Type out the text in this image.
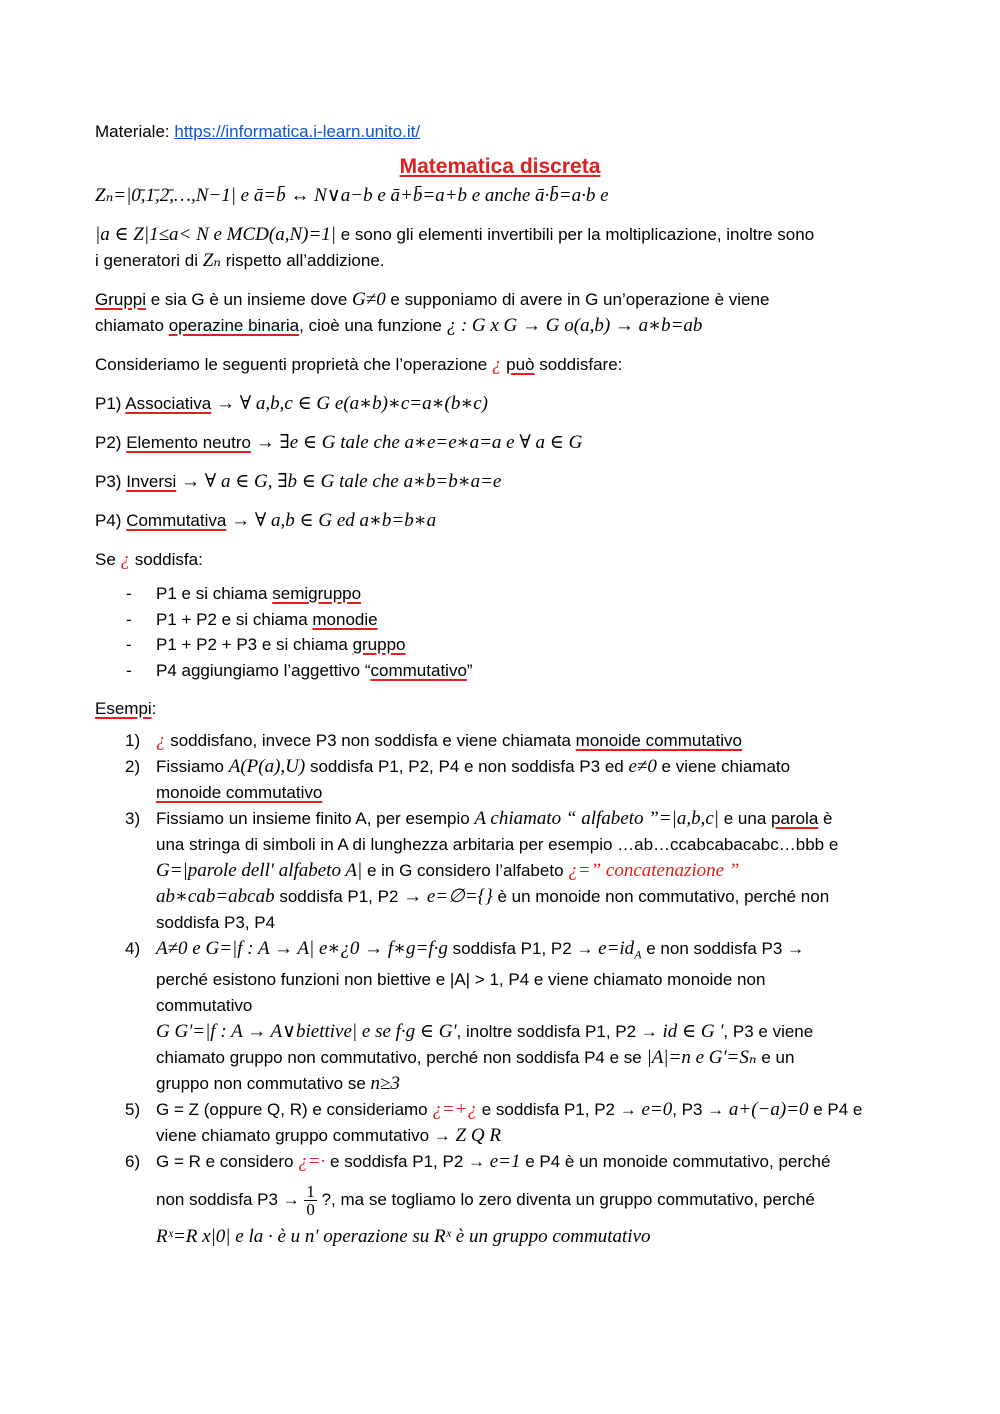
Materiale: https://informatica.i-learn.unito.it/
Matematica discreta
Zₙ=|0̄,1̄,2̄,…,N−1| e ā=b̄ ↔ N∨a−b e ā+b̄=a+b e anche ā·b̄=a·b e
|a ∈ Z|1≤a< N e MCD(a,N)=1| e sono gli elementi invertibili per la moltiplicazione, inoltre sono
i generatori di Zₙ rispetto all’addizione.
Gruppi e sia G è un insieme dove G≠0 e supponiamo di avere in G un’operazione è viene
chiamato operazine binaria, cioè una funzione ¿ : G x G → G o(a,b) → a∗b=ab
Consideriamo le seguenti proprietà che l’operazione ¿ può soddisfare:
P1) Associativa → ∀ a,b,c ∈ G e(a∗b)∗c=a∗(b∗c)
P2) Elemento neutro → ∃e ∈ G tale che a∗e=e∗a=a e ∀ a ∈ G
P3) Inversi → ∀ a ∈ G, ∃b ∈ G tale che a∗b=b∗a=e
P4) Commutativa → ∀ a,b ∈ G ed a∗b=b∗a
Se ¿ soddisfa:
- P1 e si chiama semigruppo
- P1 + P2 e si chiama monodie
- P1 + P2 + P3 e si chiama gruppo
- P4 aggiungiamo l’aggettivo “commutativo”
Esempi:
1) ¿ soddisfano, invece P3 non soddisfa e viene chiamata monoide commutativo
2) Fissiamo A(P(a),U) soddisfa P1, P2, P4 e non soddisfa P3 ed e≠0 e viene chiamato
monoide commutativo
3) Fissiamo un insieme finito A, per esempio A chiamato “ alfabeto ”=|a,b,c| e una parola è
una stringa di simboli in A di lunghezza arbitaria per esempio …ab…ccabcabacabc…bbb e
G=|parole dell' alfabeto A| e in G considero l’alfabeto ¿=” concatenazione ”
ab∗cab=abcab soddisfa P1, P2 → e=∅={} è un monoide non commutativo, perché non
soddisfa P3, P4
4) A≠0 e G=|f : A → A| e∗¿0 → f∗g=f·g soddisfa P1, $P2 \to e=id_A$ e non soddisfa P3 →
perché esistono funzioni non biettive e |A| > 1, P4 e viene chiamato monoide non
commutativo
G G'=|f : A → A∨biettive| e se f·g ∈ G', inoltre soddisfa P1, P2 → id ∈ G ', P3 e viene
chiamato gruppo non commutativo, perché non soddisfa P4 e se |A|=n e G'=Sₙ e un
gruppo non commutativo se n≥3
5) G = Z (oppure Q, R) e consideriamo ¿=+¿ e soddisfa P1, P2 → e=0, P3 → a+(−a)=0 e P4 e
viene chiamato gruppo commutativo → Z Q R
6) G = R e considero ¿=· e soddisfa P1, P2 → e=1 e P4 è un monoide commutativo, perché
non soddisfa $P3 \to \frac{1}{0}$ ?, ma se togliamo lo zero diventa un gruppo commutativo, perché
Rˣ=R x|0| e la · è u n' operazione su Rˣ è un gruppo commutativo
